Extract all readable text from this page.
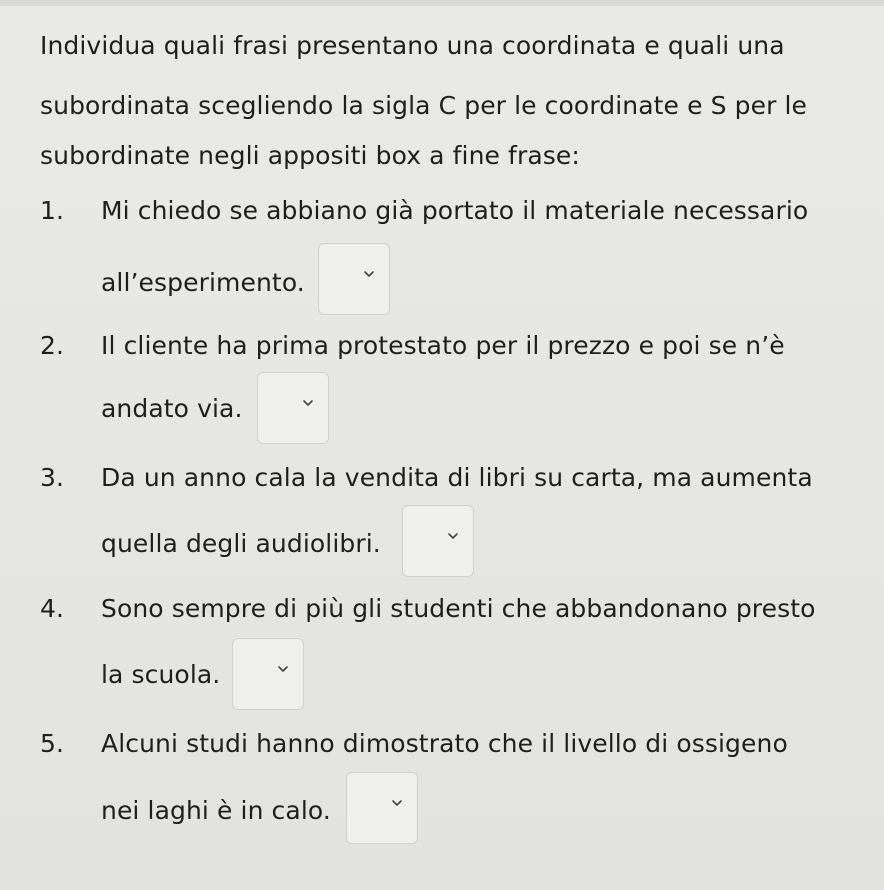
Individua quali frasi presentano una coordinata e quali una
subordinata scegliendo la sigla C per le coordinate e S per le
subordinate negli appositi box a fine frase:
1. Mi chiedo se abbiano già portato il materiale necessario
all’esperimento.
2. Il cliente ha prima protestato per il prezzo e poi se n’è
andato via.
3. Da un anno cala la vendita di libri su carta, ma aumenta
quella degli audiolibri.
4. Sono sempre di più gli studenti che abbandonano presto
la scuola.
5. Alcuni studi hanno dimostrato che il livello di ossigeno
nei laghi è in calo.
